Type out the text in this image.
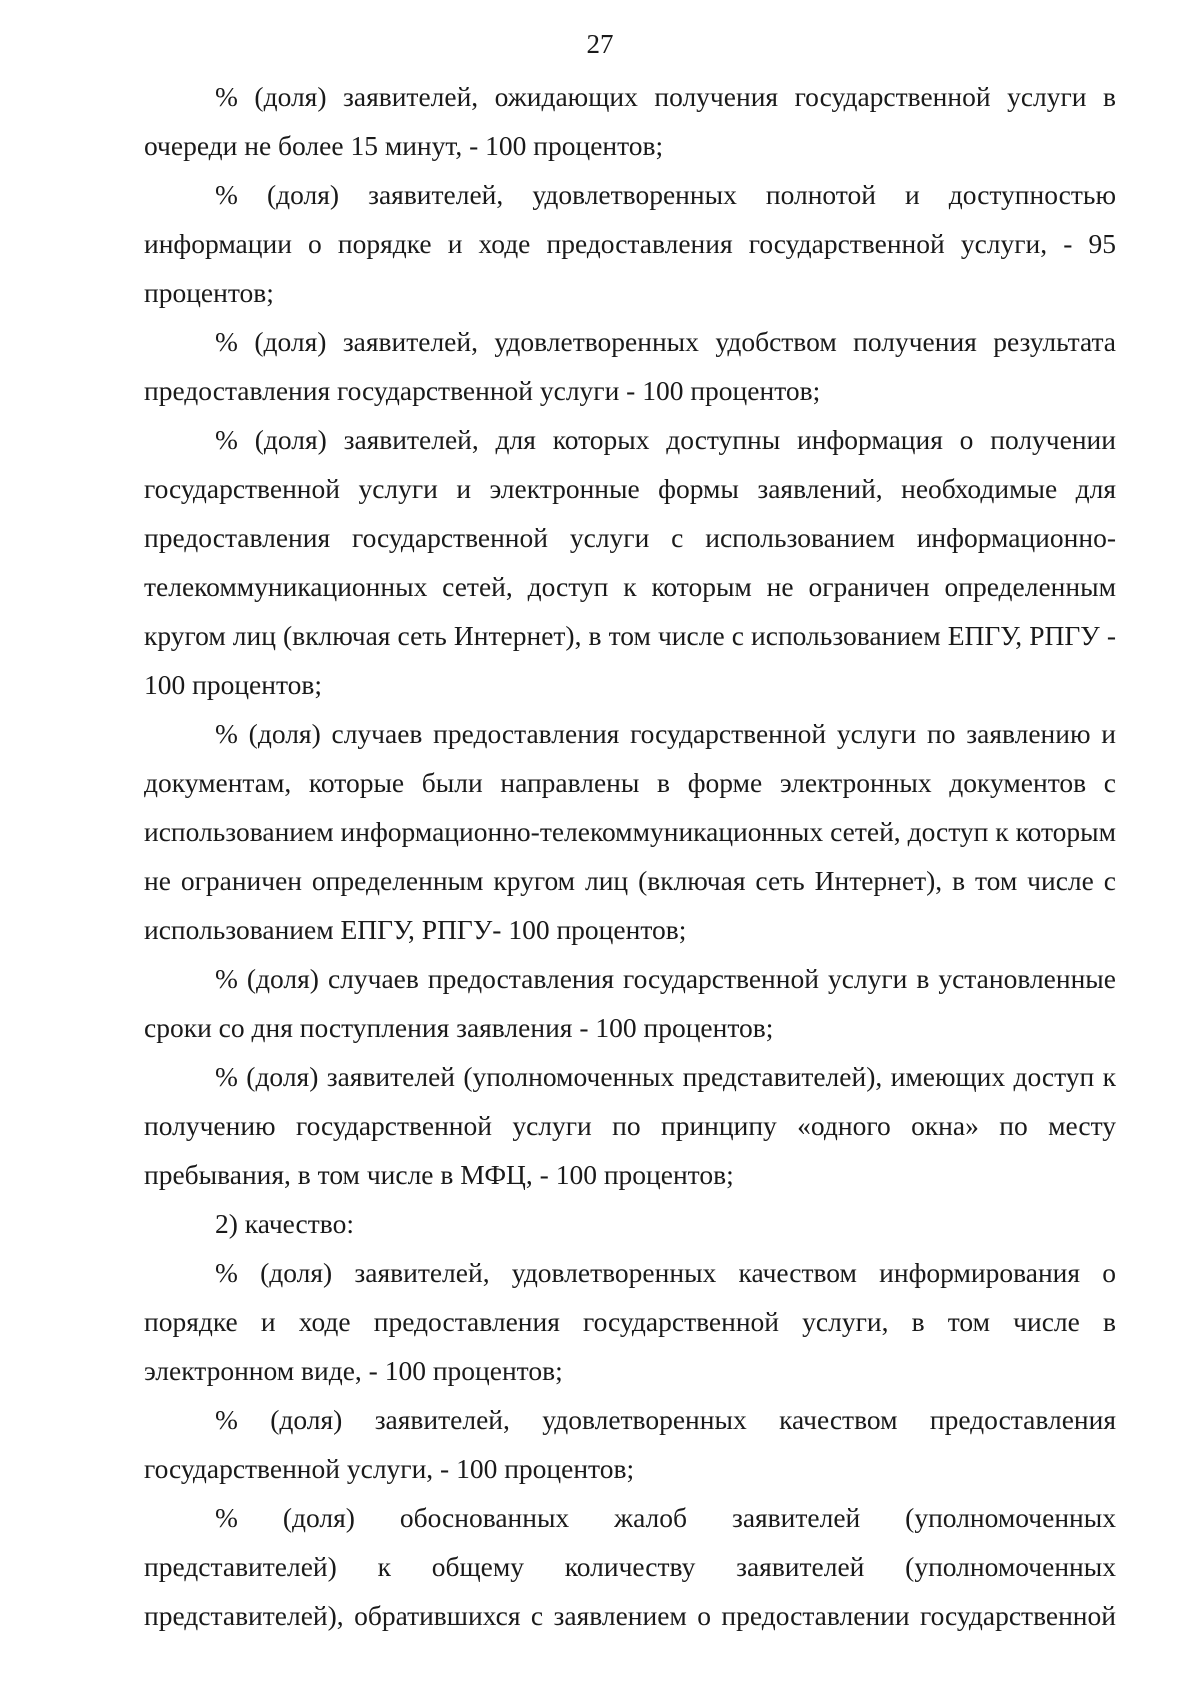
27

% (доля) заявителей, ожидающих получения государственной услуги в очереди не более 15 минут, - 100 процентов;

% (доля) заявителей, удовлетворенных полнотой и доступностью информации о порядке и ходе предоставления государственной услуги, - 95 процентов;

% (доля) заявителей, удовлетворенных удобством получения результата предоставления государственной услуги - 100 процентов;

% (доля) заявителей, для которых доступны информация о получении государственной услуги и электронные формы заявлений, необходимые для предоставления государственной услуги с использованием информационно-телекоммуникационных сетей, доступ к которым не ограничен определенным кругом лиц (включая сеть Интернет), в том числе с использованием ЕПГУ, РПГУ - 100 процентов;

% (доля) случаев предоставления государственной услуги по заявлению и документам, которые были направлены в форме электронных документов с использованием информационно-телекоммуникационных сетей, доступ к которым не ограничен определенным кругом лиц (включая сеть Интернет), в том числе с использованием ЕПГУ, РПГУ- 100 процентов;

% (доля) случаев предоставления государственной услуги в установленные сроки со дня поступления заявления - 100 процентов;

% (доля) заявителей (уполномоченных представителей), имеющих доступ к получению государственной услуги по принципу «одного окна» по месту пребывания, в том числе в МФЦ, - 100 процентов;

2) качество:

% (доля) заявителей, удовлетворенных качеством информирования о порядке и ходе предоставления государственной услуги, в том числе в электронном виде, - 100 процентов;

% (доля) заявителей, удовлетворенных качеством предоставления государственной услуги, - 100 процентов;

% (доля) обоснованных жалоб заявителей (уполномоченных представителей) к общему количеству заявителей (уполномоченных представителей), обратившихся с заявлением о предоставлении государственной
